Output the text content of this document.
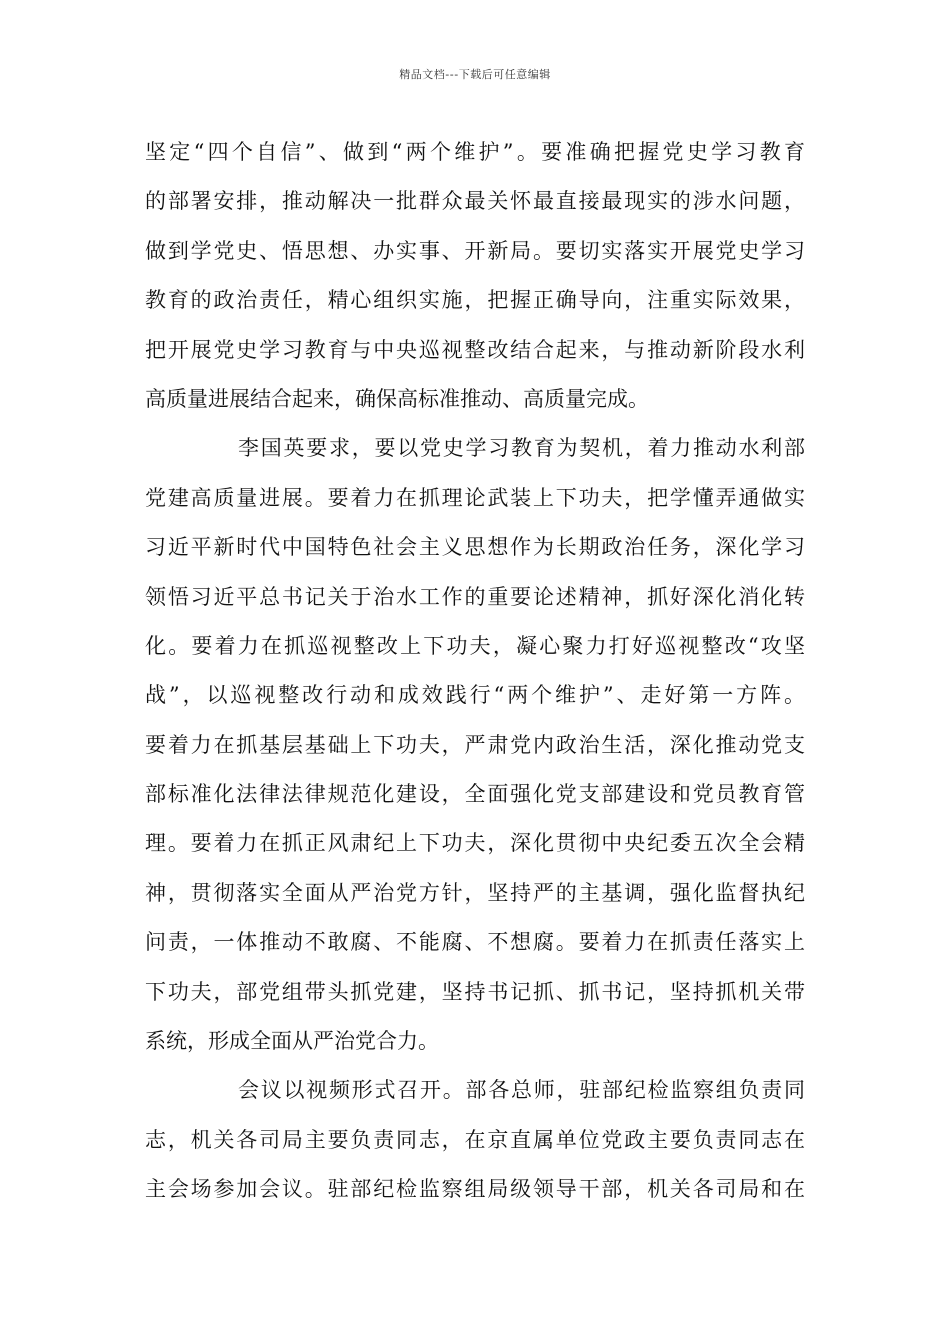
精品文档---下载后可任意编辑
坚定“四个自信”、做到“两个维护”。要准确把握党史学习教育
的部署安排，推动解决一批群众最关怀最直接最现实的涉水问题，
做到学党史、悟思想、办实事、开新局。要切实落实开展党史学习
教育的政治责任，精心组织实施，把握正确导向，注重实际效果，
把开展党史学习教育与中央巡视整改结合起来，与推动新阶段水利
高质量进展结合起来，确保高标准推动、高质量完成。
李国英要求，要以党史学习教育为契机，着力推动水利部
党建高质量进展。要着力在抓理论武装上下功夫，把学懂弄通做实
习近平新时代中国特色社会主义思想作为长期政治任务，深化学习
领悟习近平总书记关于治水工作的重要论述精神，抓好深化消化转
化。要着力在抓巡视整改上下功夫，凝心聚力打好巡视整改“攻坚
战”，以巡视整改行动和成效践行“两个维护”、走好第一方阵。
要着力在抓基层基础上下功夫，严肃党内政治生活，深化推动党支
部标准化法律法律规范化建设，全面强化党支部建设和党员教育管
理。要着力在抓正风肃纪上下功夫，深化贯彻中央纪委五次全会精
神，贯彻落实全面从严治党方针，坚持严的主基调，强化监督执纪
问责，一体推动不敢腐、不能腐、不想腐。要着力在抓责任落实上
下功夫，部党组带头抓党建，坚持书记抓、抓书记，坚持抓机关带
系统，形成全面从严治党合力。
会议以视频形式召开。部各总师，驻部纪检监察组负责同
志，机关各司局主要负责同志，在京直属单位党政主要负责同志在
主会场参加会议。驻部纪检监察组局级领导干部，机关各司局和在
